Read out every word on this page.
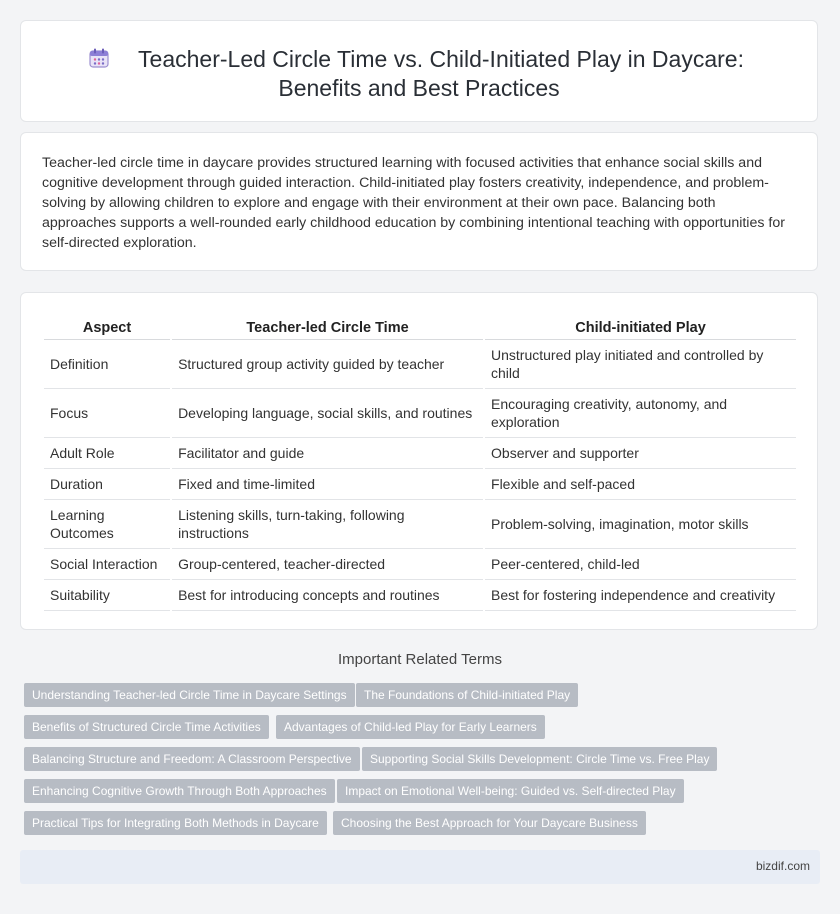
Teacher-Led Circle Time vs. Child-Initiated Play in Daycare:
Benefits and Best Practices

Teacher-led circle time in daycare provides structured learning with focused activities that enhance social skills and cognitive development through guided interaction. Child-initiated play fosters creativity, independence, and problem-solving by allowing children to explore and engage with their environment at their own pace. Balancing both approaches supports a well-rounded early childhood education by combining intentional teaching with opportunities for self-directed exploration.

Aspect	Teacher-led Circle Time	Child-initiated Play
Definition	Structured group activity guided by teacher	Unstructured play initiated and controlled by child
Focus	Developing language, social skills, and routines	Encouraging creativity, autonomy, and exploration
Adult Role	Facilitator and guide	Observer and supporter
Duration	Fixed and time-limited	Flexible and self-paced
Learning Outcomes	Listening skills, turn-taking, following instructions	Problem-solving, imagination, motor skills
Social Interaction	Group-centered, teacher-directed	Peer-centered, child-led
Suitability	Best for introducing concepts and routines	Best for fostering independence and creativity
Important Related Terms
Understanding Teacher-led Circle Time in Daycare Settings	The Foundations of Child-initiated Play
Benefits of Structured Circle Time Activities	Advantages of Child-led Play for Early Learners
Balancing Structure and Freedom: A Classroom Perspective	Supporting Social Skills Development: Circle Time vs. Free Play
Enhancing Cognitive Growth Through Both Approaches	Impact on Emotional Well-being: Guided vs. Self-directed Play
Practical Tips for Integrating Both Methods in Daycare	Choosing the Best Approach for Your Daycare Business
bizdif.com
